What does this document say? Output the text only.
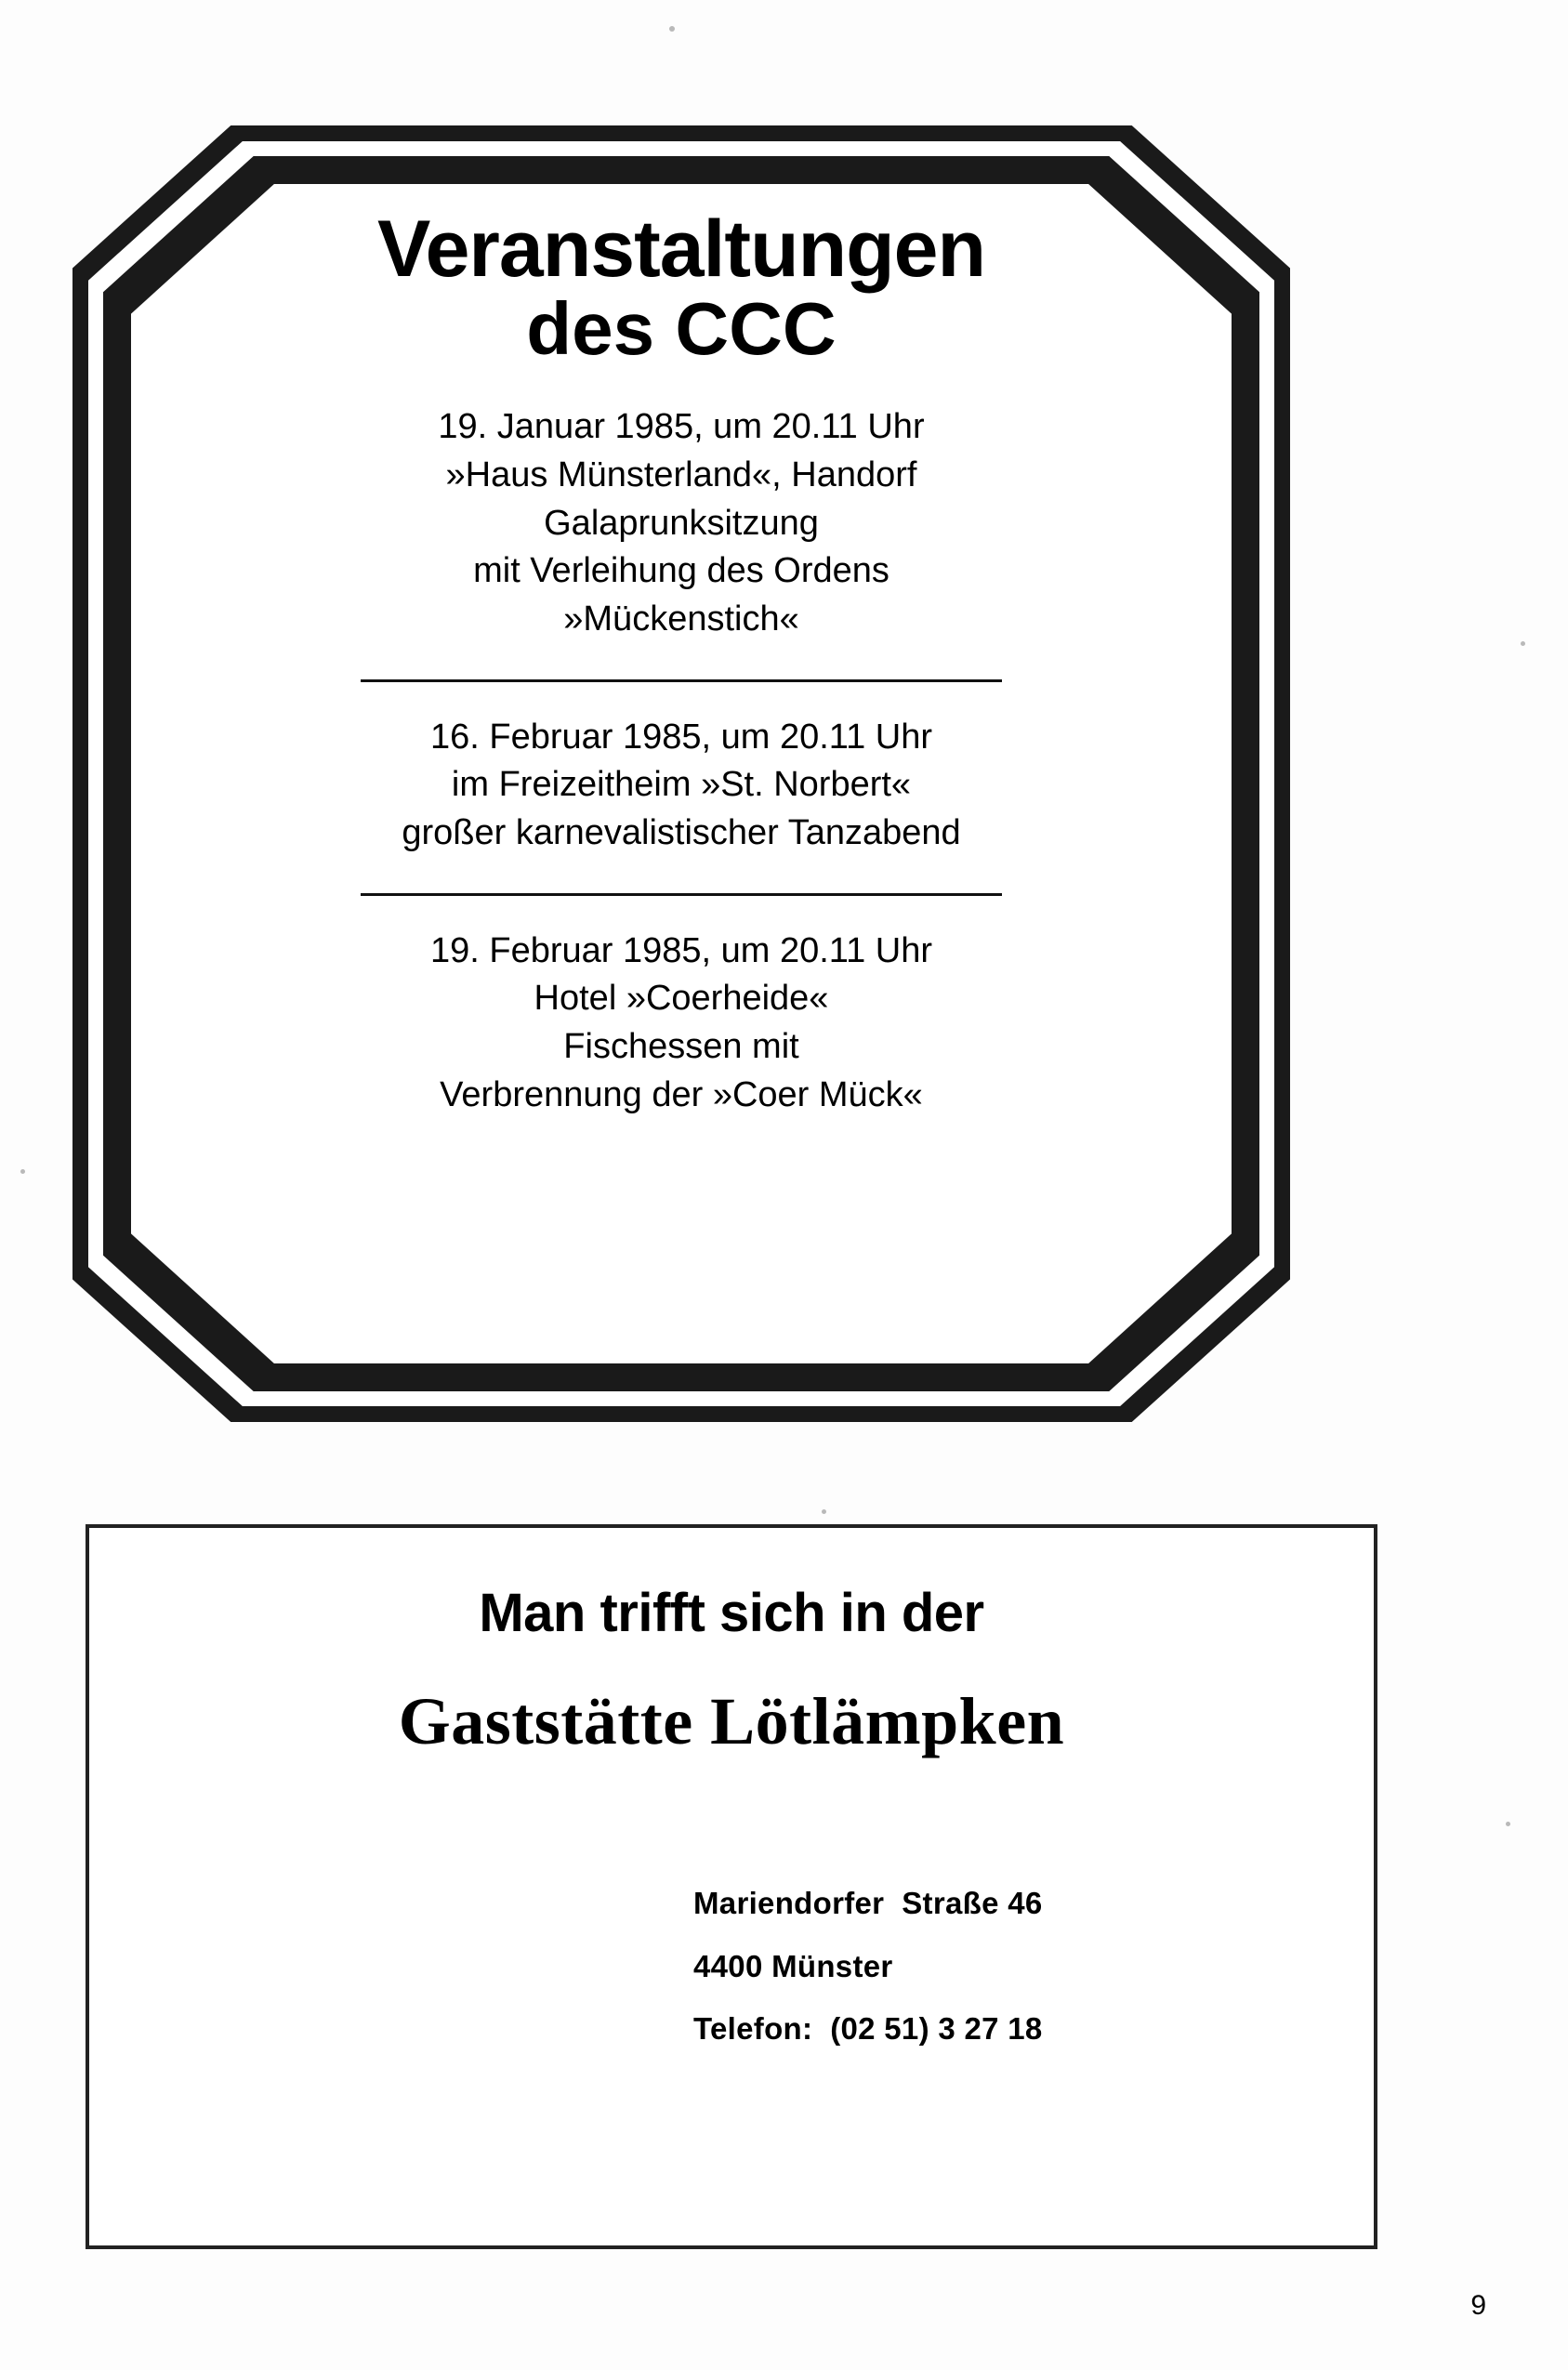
Veranstaltungen
des CCC

19. Januar 1985, um 20.11 Uhr

»Haus Münsterland«, Handorf

Galaprunksitzung

mit Verleihung des Ordens

»Mückenstich«

16. Februar 1985, um 20.11 Uhr

im Freizeitheim »St. Norbert«

großer karnevalistischer Tanzabend

19. Februar 1985, um 20.11 Uhr

Hotel »Coerheide«

Fischessen mit

Verbrennung der »Coer Mück«

Man trifft sich in der
Gaststätte Lötlämpken
Mariendorfer  Straße 46
4400 Münster
Telefon:  (02 51) 3 27 18
9
